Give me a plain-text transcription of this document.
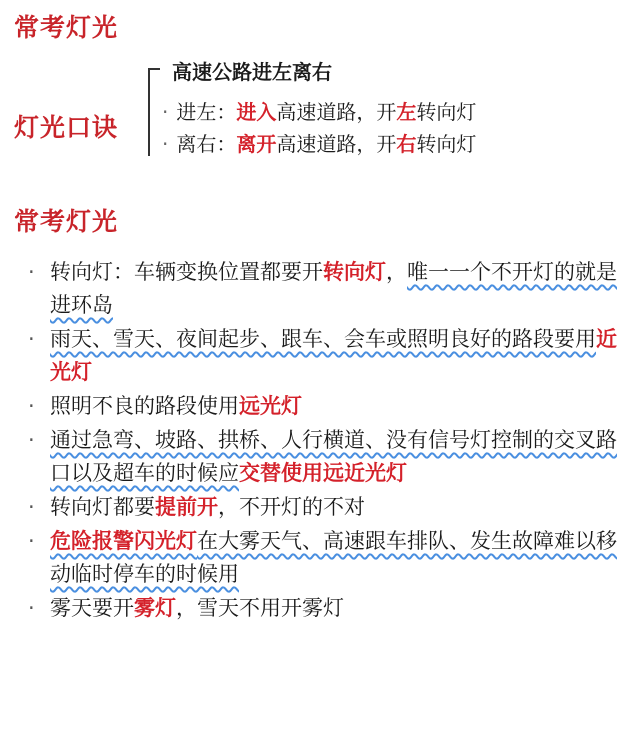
常考灯光
灯光口诀
高速公路进左离右
· 进左：进入高速道路，开左转向灯
· 离右：离开高速道路，开右转向灯
常考灯光
· 转向灯：车辆变换位置都要开转向灯，唯一一个不开灯的就是进环岛
· 雨天、雪天、夜间起步、跟车、会车或照明良好的路段要用近光灯
· 照明不良的路段使用远光灯
· 通过急弯、坡路、拱桥、人行横道、没有信号灯控制的交叉路口以及超车的时候应交替使用远近光灯
· 转向灯都要提前开，不开灯的不对
· 危险报警闪光灯在大雾天气、高速跟车排队、发生故障难以移动临时停车的时候用
· 雾天要开雾灯，雪天不用开雾灯
